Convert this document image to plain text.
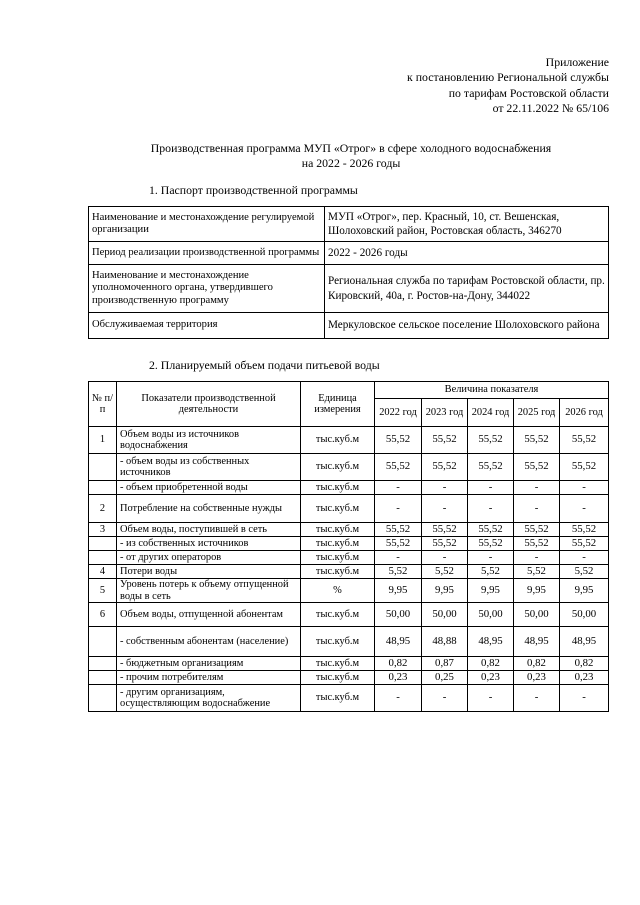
Приложение
к постановлению Региональной службы
по тарифам Ростовской области
от 22.11.2022 № 65/106
Производственная программа МУП «Отрог» в сфере холодного водоснабжения
на 2022 - 2026 годы
1. Паспорт производственной программы
Наименование и местонахождение регулируемой организации	МУП «Отрог», пер. Красный, 10, ст. Вешенская, Шолоховский район, Ростовская область, 346270
Период реализации производственной программы	2022 - 2026 годы
Наименование и местонахождение уполномоченного органа, утвердившего производственную программу	Региональная служба по тарифам Ростовской области, пр. Кировский, 40а, г. Ростов-на-Дону, 344022
Обслуживаемая территория	Меркуловское сельское поселение Шолоховского района
2. Планируемый объем подачи питьевой воды
№ п/п	Показатели производственной деятельности	Единица измерения	Величина показателя				
			2022 год	2023 год	2024 год	2025 год	2026 год
1	Объем воды из источников водоснабжения	тыс.куб.м	55,52	55,52	55,52	55,52	55,52
	- объем воды из собственных источников	тыс.куб.м	55,52	55,52	55,52	55,52	55,52
	- объем приобретенной воды	тыс.куб.м	-	-	-	-	-
2	Потребление на собственные нужды	тыс.куб.м	-	-	-	-	-
3	Объем воды, поступившей в сеть	тыс.куб.м	55,52	55,52	55,52	55,52	55,52
	- из собственных источников	тыс.куб.м	55,52	55,52	55,52	55,52	55,52
	- от других операторов	тыс.куб.м	-	-	-	-	-
4	Потери воды	тыс.куб.м	5,52	5,52	5,52	5,52	5,52
5	Уровень потерь к объему отпущенной воды в сеть	%	9,95	9,95	9,95	9,95	9,95
6	Объем воды, отпущенной абонентам	тыс.куб.м	50,00	50,00	50,00	50,00	50,00
	- собственным абонентам (население)	тыс.куб.м	48,95	48,88	48,95	48,95	48,95
	- бюджетным организациям	тыс.куб.м	0,82	0,87	0,82	0,82	0,82
	- прочим потребителям	тыс.куб.м	0,23	0,25	0,23	0,23	0,23
	- другим организациям, осуществляющим водоснабжение	тыс.куб.м	-	-	-	-	-
